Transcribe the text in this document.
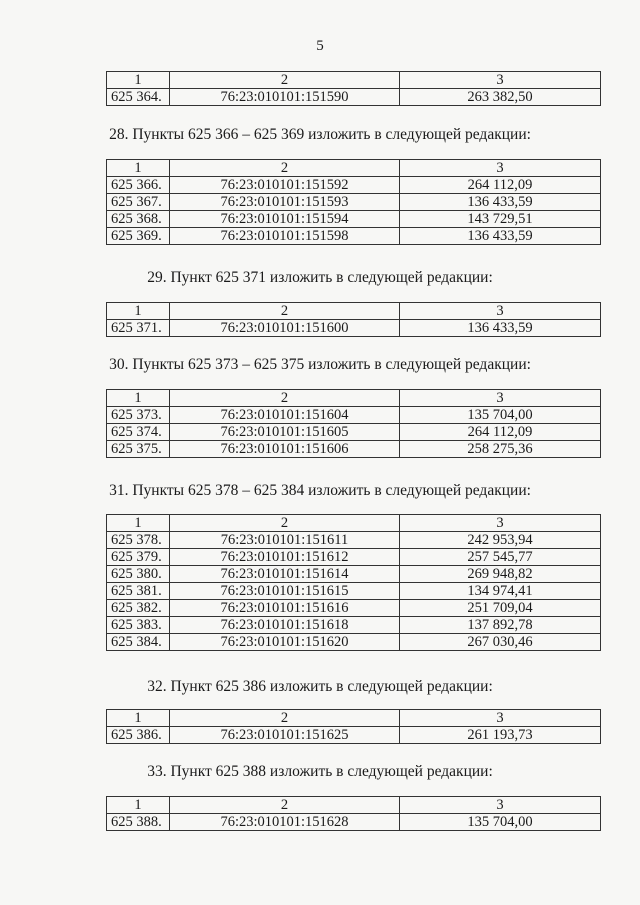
5
1	2	3
625 364.	76:23:010101:151590	263 382,50
28. Пункты 625 366 – 625 369 изложить в следующей редакции:
1	2	3
625 366.	76:23:010101:151592	264 112,09
625 367.	76:23:010101:151593	136 433,59
625 368.	76:23:010101:151594	143 729,51
625 369.	76:23:010101:151598	136 433,59
29. Пункт 625 371 изложить в следующей редакции:
1	2	3
625 371.	76:23:010101:151600	136 433,59
30. Пункты 625 373 – 625 375 изложить в следующей редакции:
1	2	3
625 373.	76:23:010101:151604	135 704,00
625 374.	76:23:010101:151605	264 112,09
625 375.	76:23:010101:151606	258 275,36
31. Пункты 625 378 – 625 384 изложить в следующей редакции:
1	2	3
625 378.	76:23:010101:151611	242 953,94
625 379.	76:23:010101:151612	257 545,77
625 380.	76:23:010101:151614	269 948,82
625 381.	76:23:010101:151615	134 974,41
625 382.	76:23:010101:151616	251 709,04
625 383.	76:23:010101:151618	137 892,78
625 384.	76:23:010101:151620	267 030,46
32. Пункт 625 386 изложить в следующей редакции:
1	2	3
625 386.	76:23:010101:151625	261 193,73
33. Пункт 625 388 изложить в следующей редакции:
1	2	3
625 388.	76:23:010101:151628	135 704,00
